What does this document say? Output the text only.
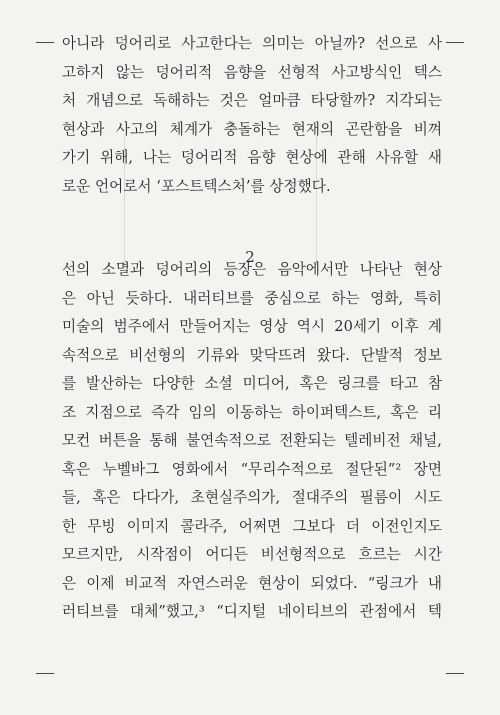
아니라 덩어리로 사고한다는 의미는 아닐까? 선으로 사
고하지 않는 덩어리적 음향을 선형적 사고방식인 텍스
처 개념으로 독해하는 것은 얼마큼 타당할까? 지각되는
현상과 사고의 체계가 충돌하는 현재의 곤란함을 비껴
가기 위해, 나는 덩어리적 음향 현상에 관해 사유할 새
로운 언어로서 ‘포스트텍스처’를 상정했다.
2
선의 소멸과 덩어리의 등장은 음악에서만 나타난 현상
은 아닌 듯하다. 내러티브를 중심으로 하는 영화, 특히
미술의 범주에서 만들어지는 영상 역시 20세기 이후 계
속적으로 비선형의 기류와 맞닥뜨려 왔다. 단발적 정보
를 발산하는 다양한 소셜 미디어, 혹은 링크를 타고 참
조 지점으로 즉각 임의 이동하는 하이퍼텍스트, 혹은 리
모컨 버튼을 통해 불연속적으로 전환되는 텔레비전 채널,
혹은 누벨바그 영화에서 “무리수적으로 절단된”² 장면
들, 혹은 다다가, 초현실주의가, 절대주의 필름이 시도
한 무빙 이미지 콜라주, 어쩌면 그보다 더 이전인지도
모르지만, 시작점이 어디든 비선형적으로 흐르는 시간
은 이제 비교적 자연스러운 현상이 되었다. “링크가 내
러티브를 대체”했고,³ “디지털 네이티브의 관점에서 텍
